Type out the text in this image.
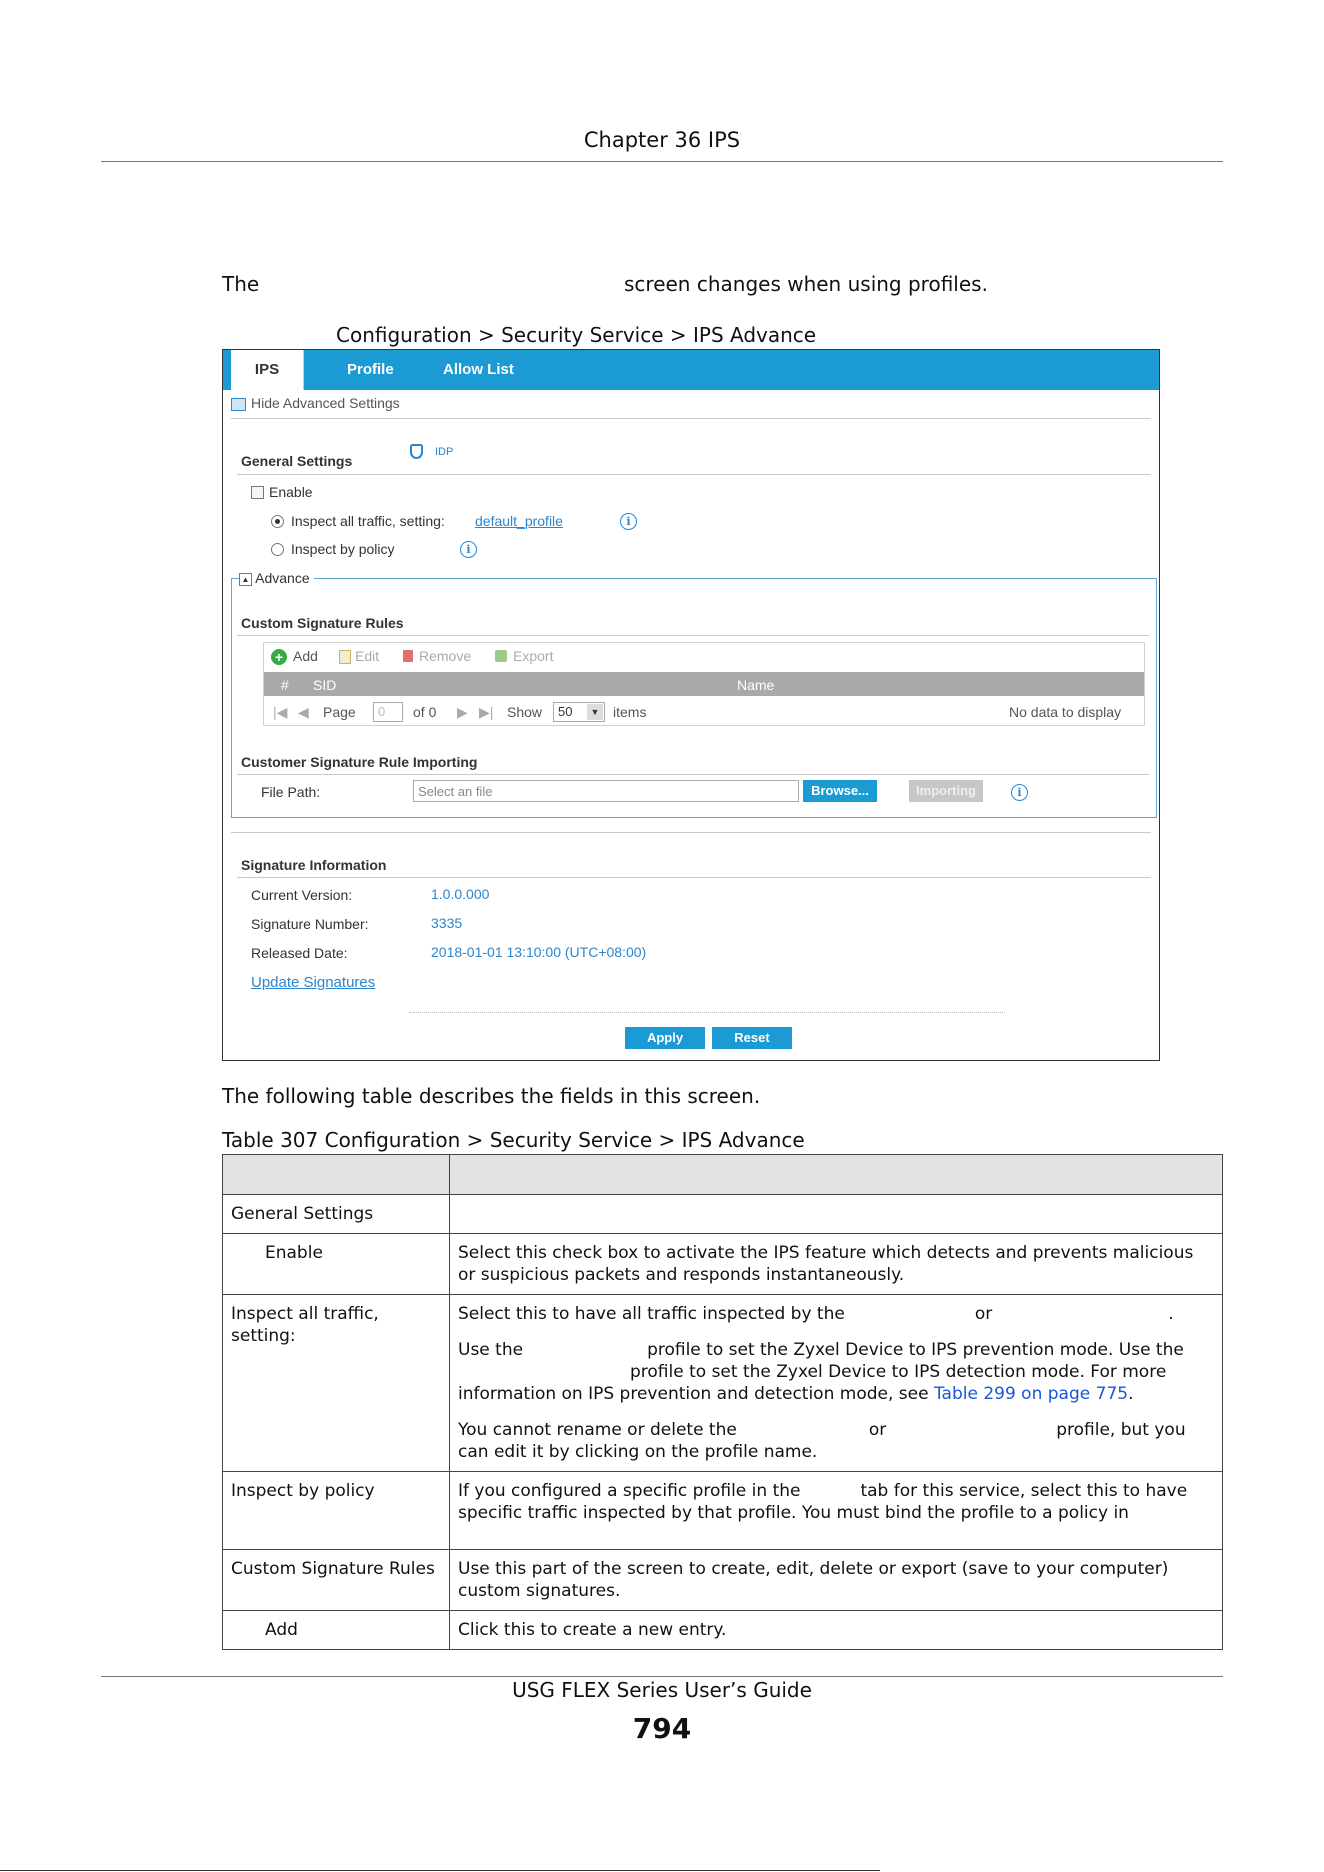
Chapter 36 IPS
The	screen changes when using profiles.
Configuration > Security Service > IPS Advance
IPS	Profile	Allow List
Hide Advanced Settings
General Settings
IDP
Enable
Inspect all traffic, setting: default_profile	i
Inspect by policy	i
▲ Advance
Custom Signature Rules
+ Add	Edit	Remove	Export
# SID	Name
|◀ ◀ Page	0	of 0 ▶ ▶| Show	50	▼ items	No data to display
Customer Signature Rule Importing
File Path:	Select an file	Browse...	Importing	i
Signature Information
Current Version:	1.0.0.000
Signature Number:	3335
Released Date:	2018-01-01 13:10:00 (UTC+08:00)
Update Signatures
Apply	Reset
The following table describes the fields in this screen.
Table 307 Configuration > Security Service > IPS Advance

General Settings	
Enable	Select this check box to activate the IPS feature which detects and prevents malicious or suspicious packets and responds instantaneously.
Inspect all traffic, setting:	Select this to have all traffic inspected by the or .

Use the profile to set the Zyxel Device to IPS prevention mode. Use theprofile to set the Zyxel Device to IPS detection mode. For more information on IPS prevention and detection mode, see Table 299 on page 775.

You cannot rename or delete the or profile, but you can edit it by clicking on the profile name.

Inspect by policy	If you configured a specific profile in the tab for this service, select this to have specific traffic inspected by that profile. You must bind the profile to a policy in
Custom Signature Rules	Use this part of the screen to create, edit, delete or export (save to your computer) custom signatures.
Add	Click this to create a new entry.
USG FLEX Series User’s Guide
794
